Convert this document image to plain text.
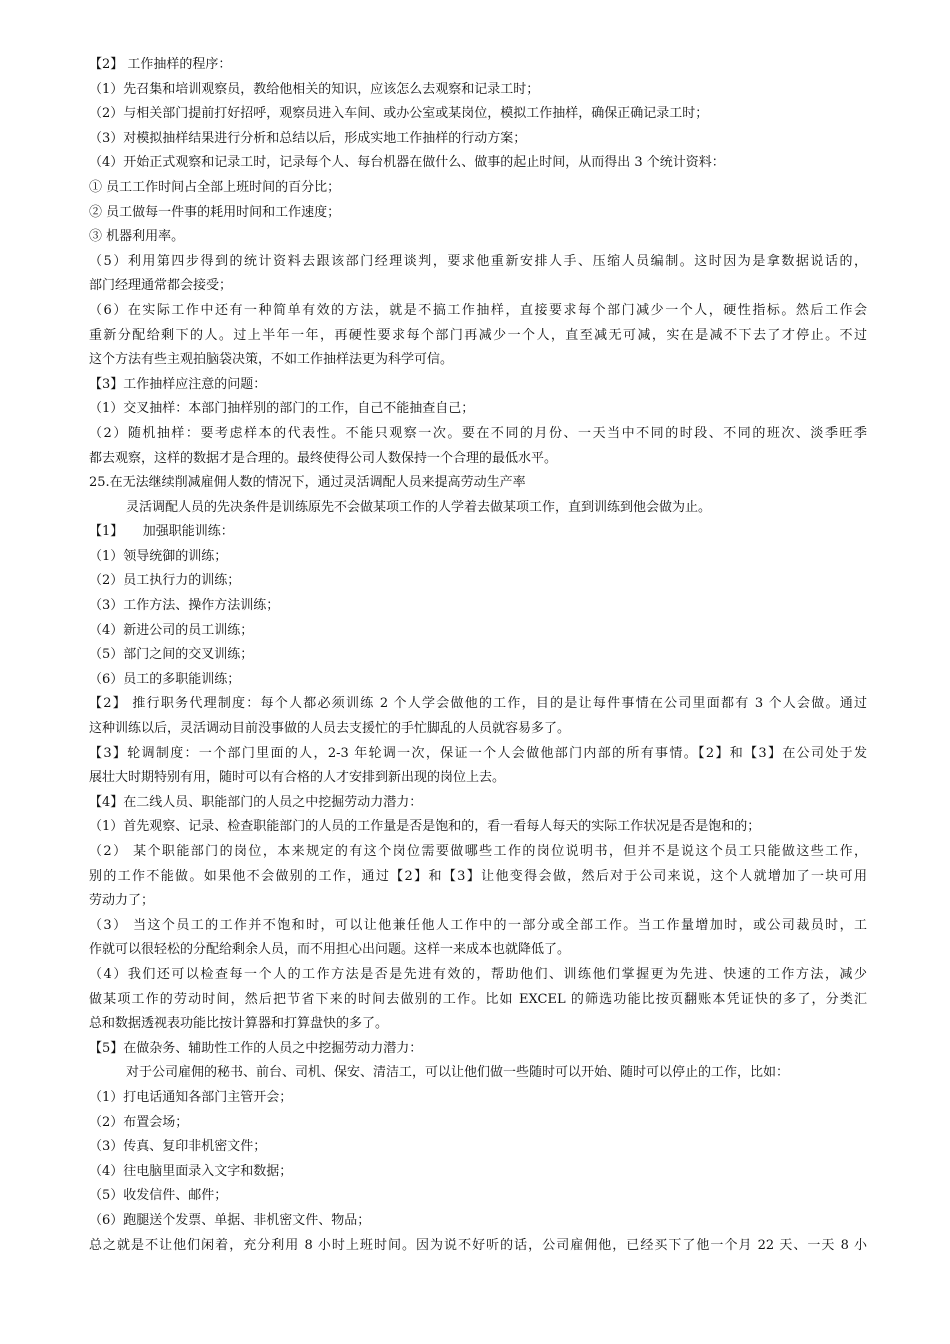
【2】 工作抽样的程序：
（1）先召集和培训观察员，教给他相关的知识，应该怎么去观察和记录工时；
（2）与相关部门提前打好招呼，观察员进入车间、或办公室或某岗位，模拟工作抽样，确保正确记录工时；
（3）对模拟抽样结果进行分析和总结以后，形成实地工作抽样的行动方案；
（4）开始正式观察和记录工时，记录每个人、每台机器在做什么、做事的起止时间，从而得出 3 个统计资料：
① 员工工作时间占全部上班时间的百分比；
② 员工做每一件事的耗用时间和工作速度；
③ 机器利用率。
（5）利用第四步得到的统计资料去跟该部门经理谈判，要求他重新安排人手、压缩人员编制。这时因为是拿数据说话的，
部门经理通常都会接受；
（6）在实际工作中还有一种简单有效的方法，就是不搞工作抽样，直接要求每个部门减少一个人，硬性指标。然后工作会
重新分配给剩下的人。过上半年一年，再硬性要求每个部门再减少一个人，直至减无可减，实在是减不下去了才停止。不过
这个方法有些主观拍脑袋决策，不如工作抽样法更为科学可信。
【3】工作抽样应注意的问题：
（1）交叉抽样：本部门抽样别的部门的工作，自己不能抽查自己；
（2）随机抽样：要考虑样本的代表性。不能只观察一次。要在不同的月份、一天当中不同的时段、不同的班次、淡季旺季
都去观察，这样的数据才是合理的。最终使得公司人数保持一个合理的最低水平。
25.在无法继续削减雇佣人数的情况下，通过灵活调配人员来提高劳动生产率
灵活调配人员的先决条件是训练原先不会做某项工作的人学着去做某项工作，直到训练到他会做为止。
【1】　　加强职能训练：
（1）领导统御的训练；
（2）员工执行力的训练；
（3）工作方法、操作方法训练；
（4）新进公司的员工训练；
（5）部门之间的交叉训练；
（6）员工的多职能训练；
【2】 推行职务代理制度：每个人都必须训练 2 个人学会做他的工作，目的是让每件事情在公司里面都有 3 个人会做。通过
这种训练以后，灵活调动目前没事做的人员去支援忙的手忙脚乱的人员就容易多了。
【3】轮调制度：一个部门里面的人，2-3 年轮调一次，保证一个人会做他部门内部的所有事情。【2】和【3】在公司处于发
展壮大时期特别有用，随时可以有合格的人才安排到新出现的岗位上去。
【4】在二线人员、职能部门的人员之中挖掘劳动力潜力：
（1）首先观察、记录、检查职能部门的人员的工作量是否是饱和的，看一看每人每天的实际工作状况是否是饱和的；
（2） 某个职能部门的岗位，本来规定的有这个岗位需要做哪些工作的岗位说明书，但并不是说这个员工只能做这些工作，
别的工作不能做。如果他不会做别的工作，通过【2】和【3】让他变得会做，然后对于公司来说，这个人就增加了一块可用
劳动力了；
（3） 当这个员工的工作并不饱和时，可以让他兼任他人工作中的一部分或全部工作。当工作量增加时，或公司裁员时，工
作就可以很轻松的分配给剩余人员，而不用担心出问题。这样一来成本也就降低了。
（4）我们还可以检查每一个人的工作方法是否是先进有效的，帮助他们、训练他们掌握更为先进、快速的工作方法，减少
做某项工作的劳动时间，然后把节省下来的时间去做别的工作。比如 EXCEL 的筛选功能比按页翻账本凭证快的多了，分类汇
总和数据透视表功能比按计算器和打算盘快的多了。
【5】在做杂务、辅助性工作的人员之中挖掘劳动力潜力：
对于公司雇佣的秘书、前台、司机、保安、清洁工，可以让他们做一些随时可以开始、随时可以停止的工作，比如：
（1）打电话通知各部门主管开会；
（2）布置会场；
（3）传真、复印非机密文件；
（4）往电脑里面录入文字和数据；
（5）收发信件、邮件；
（6）跑腿送个发票、单据、非机密文件、物品；
总之就是不让他们闲着，充分利用 8 小时上班时间。因为说不好听的话，公司雇佣他，已经买下了他一个月 22 天、一天 8 小
